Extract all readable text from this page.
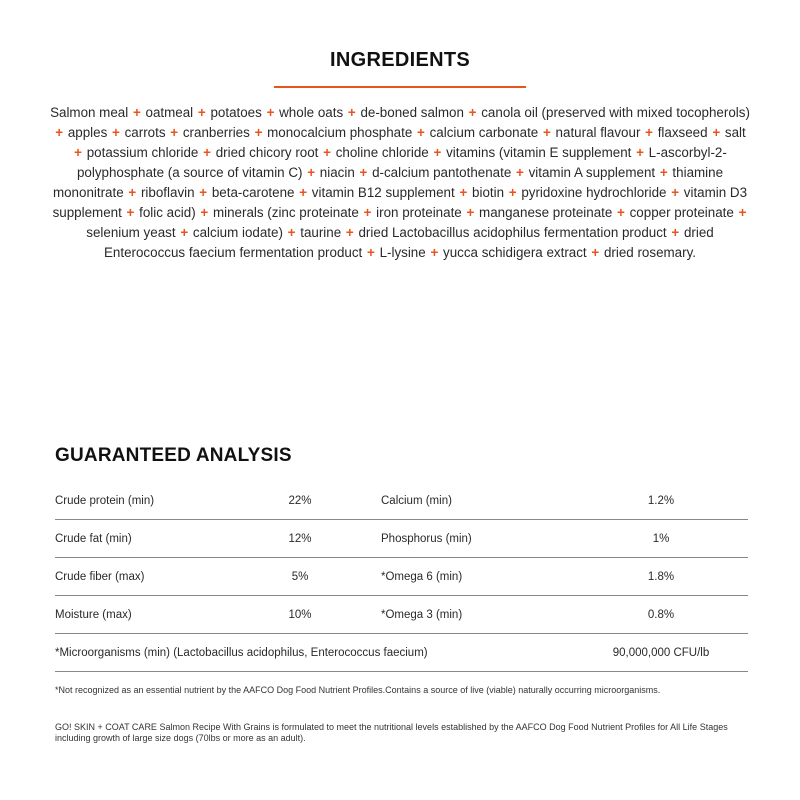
INGREDIENTS
Salmon meal + oatmeal + potatoes + whole oats + de-boned salmon + canola oil (preserved with mixed tocopherols) + apples + carrots + cranberries + monocalcium phosphate + calcium carbonate + natural flavour + flaxseed + salt + potassium chloride + dried chicory root + choline chloride + vitamins (vitamin E supplement + L-ascorbyl-2-polyphosphate (a source of vitamin C) + niacin + d-calcium pantothenate + vitamin A supplement + thiamine mononitrate + riboflavin + beta-carotene + vitamin B12 supplement + biotin + pyridoxine hydrochloride + vitamin D3 supplement + folic acid) + minerals (zinc proteinate + iron proteinate + manganese proteinate + copper proteinate + selenium yeast + calcium iodate) + taurine + dried Lactobacillus acidophilus fermentation product + dried Enterococcus faecium fermentation product + L-lysine + yucca schidigera extract + dried rosemary.
GUARANTEED ANALYSIS
Crude protein (min)	22%	Calcium (min)	1.2%
Crude fat (min)	12%	Phosphorus (min)	1%
Crude fiber (max)	5%	*Omega 6 (min)	1.8%
Moisture (max)	10%	*Omega 3 (min)	0.8%
*Microorganisms (min) (Lactobacillus acidophilus, Enterococcus faecium)	90,000,000 CFU/lb
*Not recognized as an essential nutrient by the AAFCO Dog Food Nutrient Profiles.Contains a source of live (viable) naturally occurring microorganisms.
GO! SKIN + COAT CARE Salmon Recipe With Grains is formulated to meet the nutritional levels established by the AAFCO Dog Food Nutrient Profiles for All Life Stages including growth of large size dogs (70lbs or more as an adult).
